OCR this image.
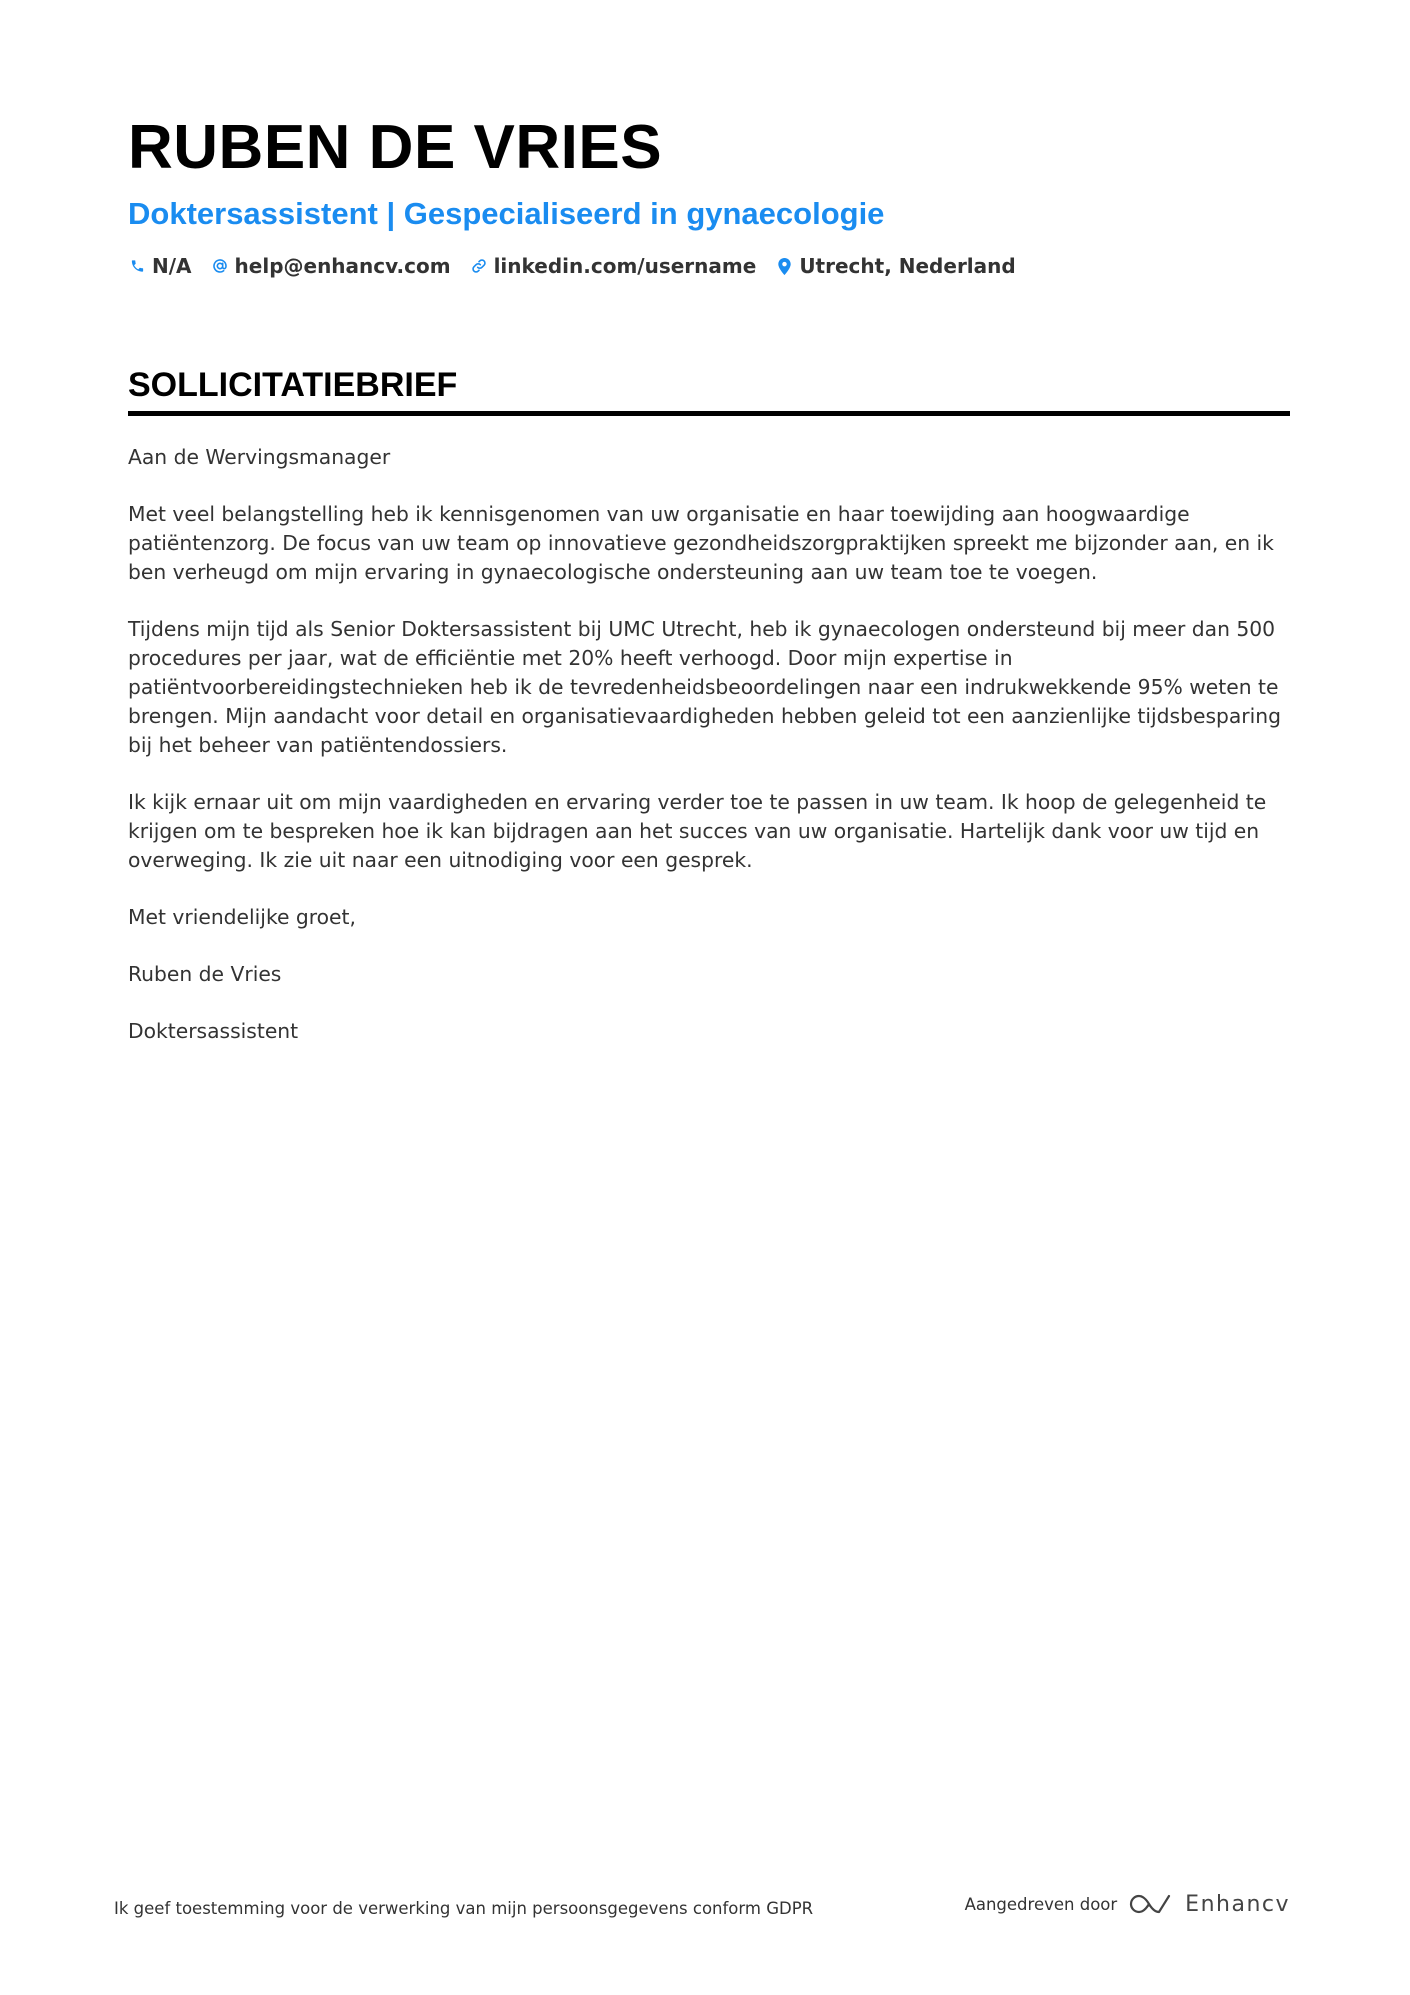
RUBEN DE VRIES
Doktersassistent | Gespecialiseerd in gynaecologie
N/A help@enhancv.com linkedin.com/username Utrecht, Nederland
SOLLICITATIEBRIEF

Aan de Wervingsmanager

Met veel belangstelling heb ik kennisgenomen van uw organisatie en haar toewijding aan hoogwaardige patiëntenzorg. De focus van uw team op innovatieve gezondheidszorgpraktijken spreekt me bijzonder aan, en ik ben verheugd om mijn ervaring in gynaecologische ondersteuning aan uw team toe te voegen.

Tijdens mijn tijd als Senior Doktersassistent bij UMC Utrecht, heb ik gynaecologen ondersteund bij meer dan 500 procedures per jaar, wat de efficiëntie met 20% heeft verhoogd. Door mijn expertise in patiëntvoorbereidingstechnieken heb ik de tevredenheidsbeoordelingen naar een indrukwekkende 95% weten te brengen. Mijn aandacht voor detail en organisatievaardigheden hebben geleid tot een aanzienlijke tijdsbesparing bij het beheer van patiëntendossiers.

Ik kijk ernaar uit om mijn vaardigheden en ervaring verder toe te passen in uw team. Ik hoop de gelegenheid te krijgen om te bespreken hoe ik kan bijdragen aan het succes van uw organisatie. Hartelijk dank voor uw tijd en overweging. Ik zie uit naar een uitnodiging voor een gesprek.

Met vriendelijke groet,

Ruben de Vries

Doktersassistent

Ik geef toestemming voor de verwerking van mijn persoonsgegevens conform GDPR	Aangedreven door	Enhancv
